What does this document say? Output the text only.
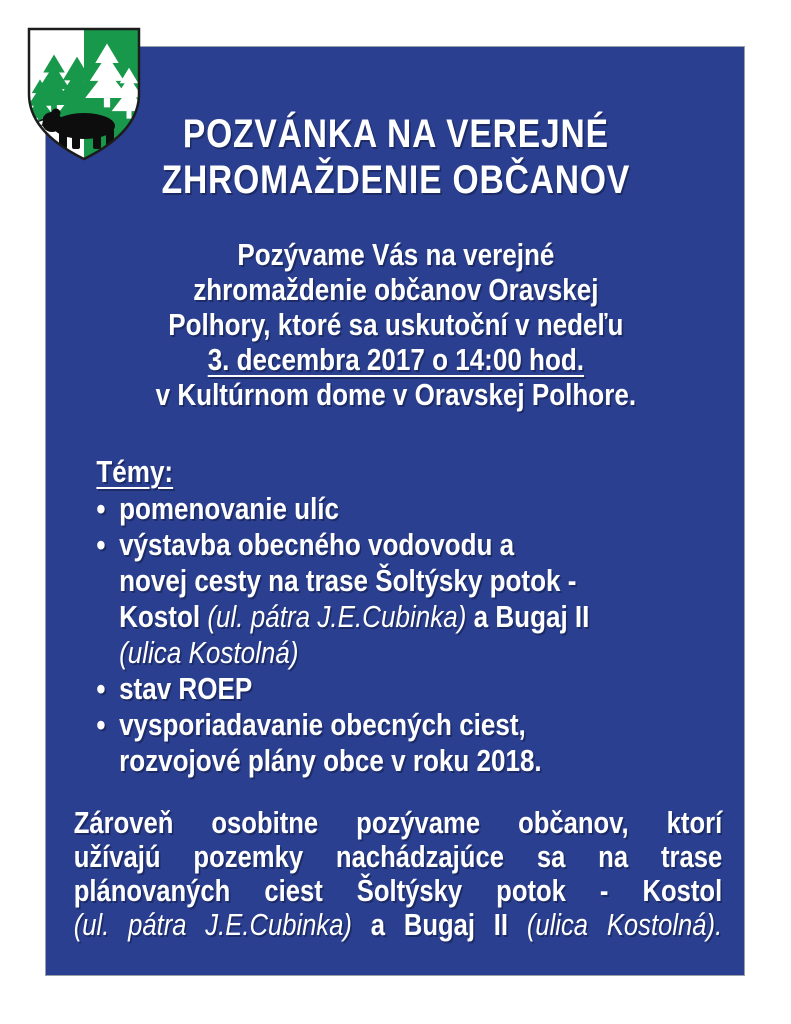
POZVÁNKA NA VEREJNÉ
ZHROMAŽDENIE OBČANOV
Pozývame Vás na verejné
zhromaždenie občanov Oravskej
Polhory, ktoré sa uskutoční v nedeľu
3. decembra 2017 o 14:00 hod.
v Kultúrnom dome v Oravskej Polhore.
Témy:
• pomenovanie ulíc
• výstavba obecného vodovodu a
novej cesty na trase Šoltýsky potok -
Kostol (ul. pátra J.E.Cubinka) a Bugaj II
(ulica Kostolná)
• stav ROEP
• vysporiadavanie obecných ciest,
rozvojové plány obce v roku 2018.
Zároveň osobitne pozývame občanov, ktorí
užívajú pozemky nachádzajúce sa na trase
plánovaných ciest Šoltýsky potok - Kostol
(ul. pátra J.E.Cubinka) a Bugaj II (ulica Kostolná).
